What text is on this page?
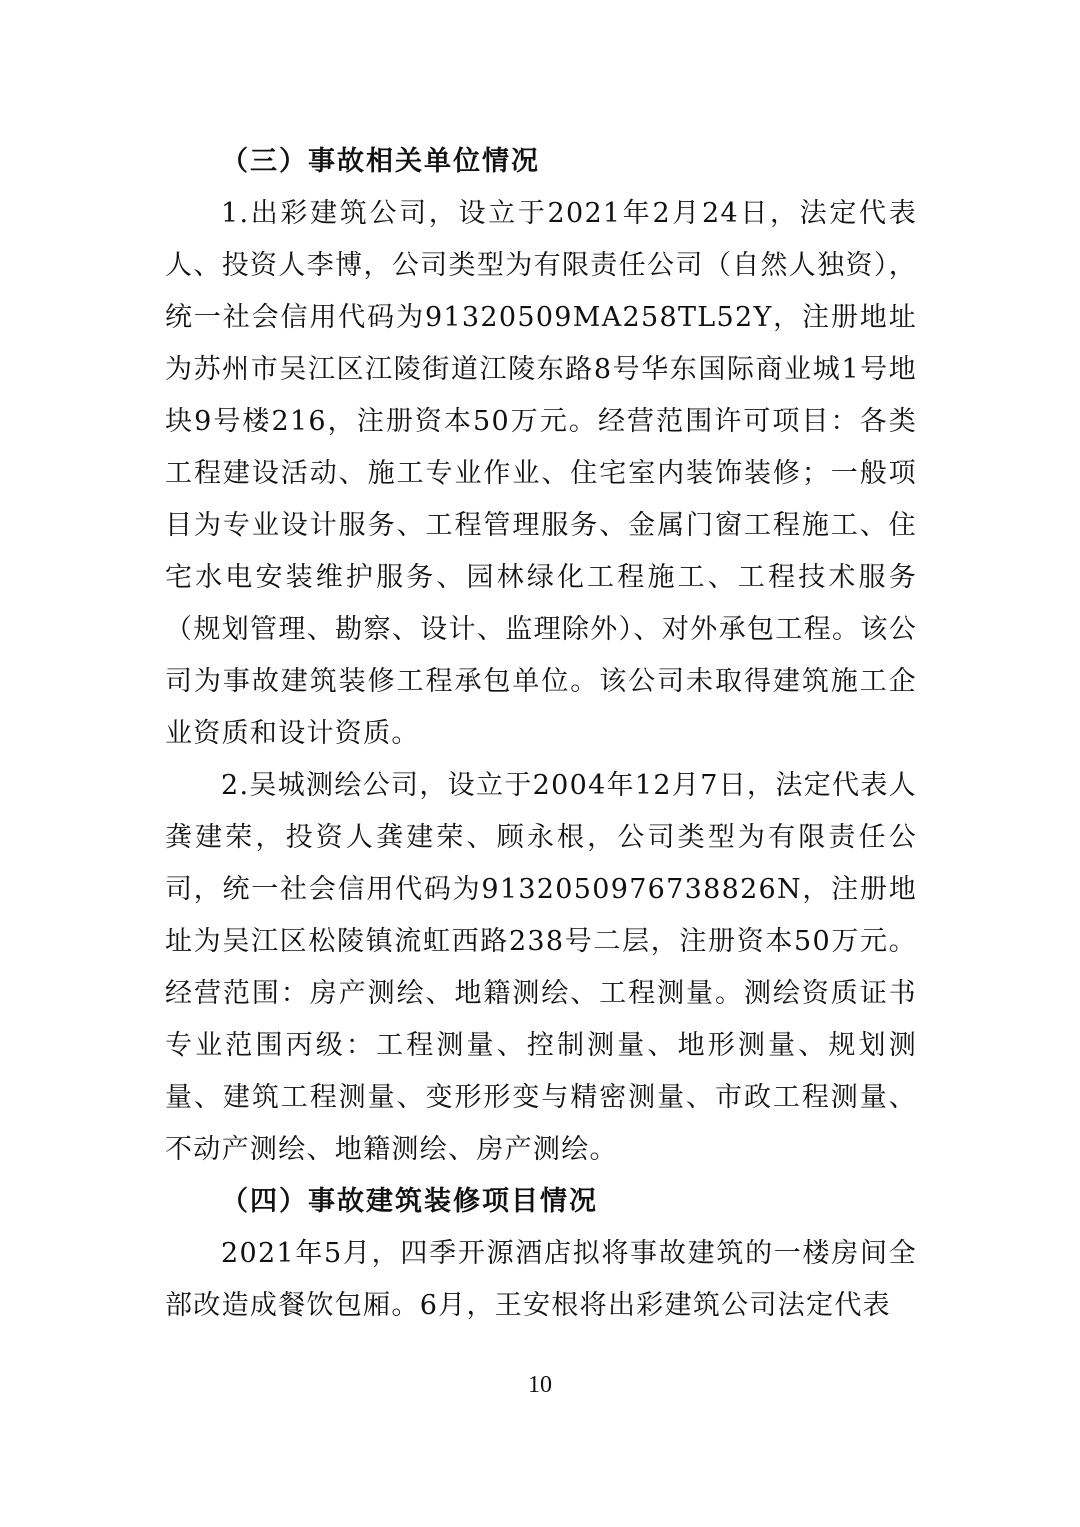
（三）事故相关单位情况

1.出彩建筑公司，设立于2021年2月24日，法定代表人、投资人李博，公司类型为有限责任公司（自然人独资），统一社会信用代码为91320509MA258TL52Y，注册地址为苏州市吴江区江陵街道江陵东路8号华东国际商业城1号地块9号楼216，注册资本50万元。经营范围许可项目：各类工程建设活动、施工专业作业、住宅室内装饰装修；一般项目为专业设计服务、工程管理服务、金属门窗工程施工、住宅水电安装维护服务、园林绿化工程施工、工程技术服务（规划管理、勘察、设计、监理除外）、对外承包工程。该公司为事故建筑装修工程承包单位。该公司未取得建筑施工企业资质和设计资质。

2.吴城测绘公司，设立于2004年12月7日，法定代表人龚建荣，投资人龚建荣、顾永根，公司类型为有限责任公司，统一社会信用代码为9132050976738826N，注册地址为吴江区松陵镇流虹西路238号二层，注册资本50万元。经营范围：房产测绘、地籍测绘、工程测量。测绘资质证书专业范围丙级：工程测量、控制测量、地形测量、规划测量、建筑工程测量、变形形变与精密测量、市政工程测量、不动产测绘、地籍测绘、房产测绘。

（四）事故建筑装修项目情况

2021年5月，四季开源酒店拟将事故建筑的一楼房间全部改造成餐饮包厢。6月，王安根将出彩建筑公司法定代表

10
